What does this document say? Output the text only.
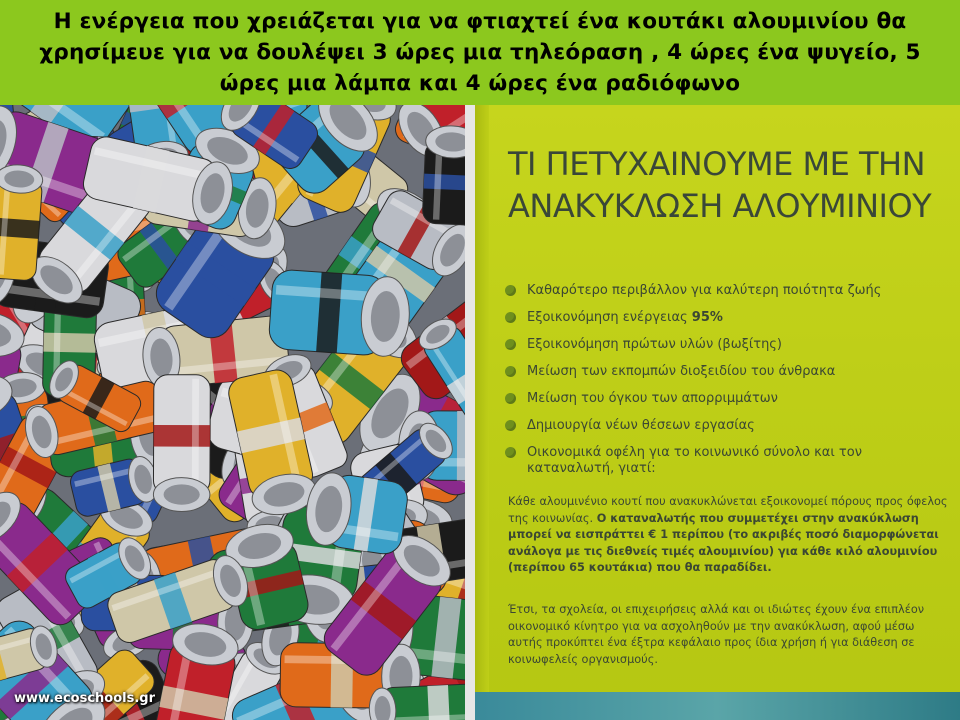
Η ενέργεια που χρειάζεται για να φτιαχτεί ένα κουτάκι αλουμινίου θα χρησίμευε για να δουλέψει 3 ώρες μια τηλεόραση , 4 ώρες ένα ψυγείο, 5 ώρες μια λάμπα και 4 ώρες ένα ραδιόφωνο
www.ecoschools.gr
ΤΙ ΠΕΤΥΧΑΙΝΟΥΜΕ ΜΕ ΤΗΝ ΑΝΑΚΥΚΛΩΣΗ ΑΛΟΥΜΙΝΙΟΥ
Καθαρότερο περιβάλλον για καλύτερη ποιότητα ζωής
Εξοικονόμηση ενέργειας 95%
Εξοικονόμηση πρώτων υλών (βωξίτης)
Μείωση των εκπομπών διοξειδίου του άνθρακα
Μείωση του όγκου των απορριμμάτων
Δημιουργία νέων θέσεων εργασίας
Οικονομικά οφέλη για το κοινωνικό σύνολο και τον καταναλωτή, γιατί:

Κάθε αλουμινένιο κουτί που ανακυκλώνεται εξοικονομεί πόρους προς όφελος της κοινωνίας. Ο καταναλωτής που συμμετέχει στην ανακύκλωση μπορεί να εισπράττει € 1 περίπου (το ακριβές ποσό διαμορφώνεται ανάλογα με τις διεθνείς τιμές αλουμινίου) για κάθε κιλό αλουμινίου (περίπου 65 κουτάκια) που θα παραδίδει.

Έτσι, τα σχολεία, οι επιχειρήσεις αλλά και οι ιδιώτες έχουν ένα επιπλέον οικονομικό κίνητρο για να ασχοληθούν με την ανακύκλωση, αφού μέσω αυτής προκύπτει ένα έξτρα κεφάλαιο προς ίδια χρήση ή για διάθεση σε κοινωφελείς οργανισμούς.
